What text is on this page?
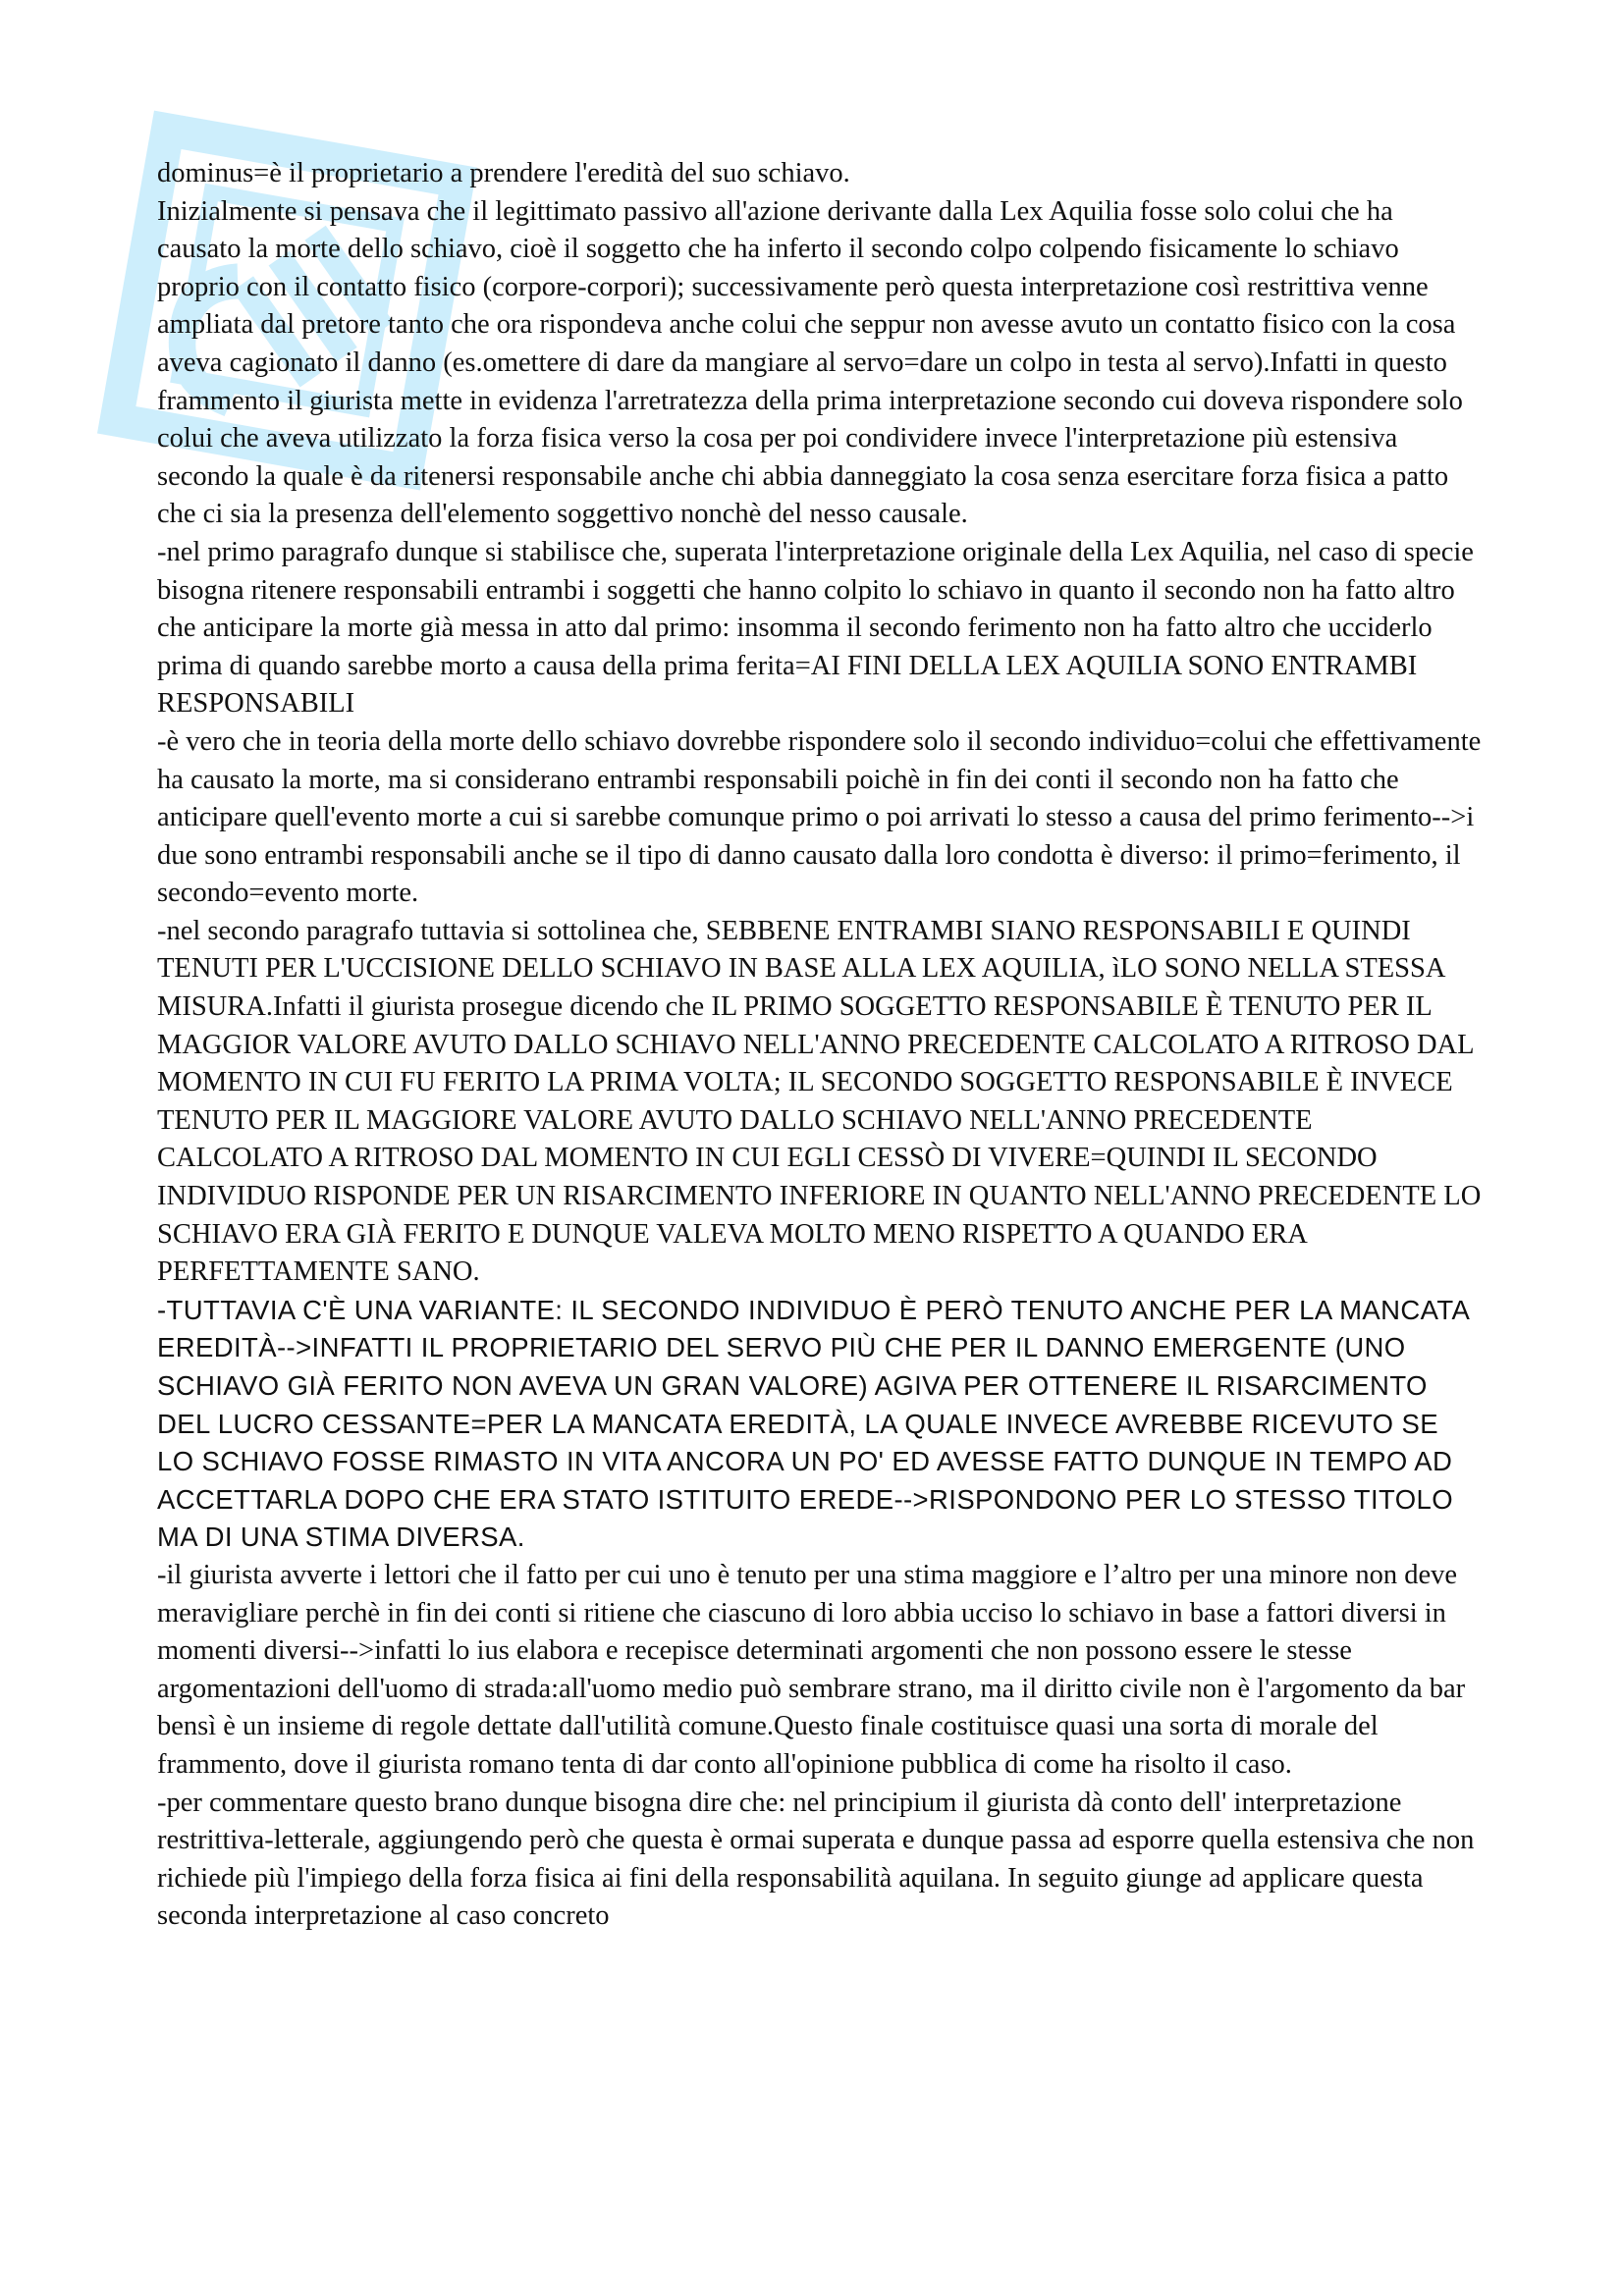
dominus=è il proprietario a prendere l'eredità del suo schiavo.

Inizialmente si pensava che il legittimato passivo all'azione derivante dalla Lex Aquilia fosse solo colui che ha causato la morte dello schiavo, cioè il soggetto che ha inferto il secondo colpo colpendo fisicamente lo schiavo proprio con il contatto fisico (corpore-corpori); successivamente però questa interpretazione così restrittiva venne ampliata dal pretore tanto che ora rispondeva anche colui che seppur non avesse avuto un contatto fisico con la cosa aveva cagionato il danno (es.omettere di dare da mangiare al servo=dare un colpo in testa al servo).Infatti in questo frammento il giurista mette in evidenza l'arretratezza della prima interpretazione secondo cui doveva rispondere solo colui che aveva utilizzato la forza fisica verso la cosa per poi condividere invece l'interpretazione più estensiva secondo la quale è da ritenersi responsabile anche chi abbia danneggiato la cosa senza esercitare forza fisica a patto che ci sia la presenza dell'elemento soggettivo nonchè del nesso causale.

-nel primo paragrafo dunque si stabilisce che, superata l'interpretazione originale della Lex Aquilia, nel caso di specie bisogna ritenere responsabili entrambi i soggetti che hanno colpito lo schiavo in quanto il secondo non ha fatto altro che anticipare la morte già messa in atto dal primo: insomma il secondo ferimento non ha fatto altro che ucciderlo prima di quando sarebbe morto a causa della prima ferita=AI FINI DELLA LEX AQUILIA SONO ENTRAMBI RESPONSABILI

-è vero che in teoria della morte dello schiavo dovrebbe rispondere solo il secondo individuo=colui che effettivamente ha causato la morte, ma si considerano entrambi responsabili poichè in fin dei conti il secondo non ha fatto che anticipare quell'evento morte a cui si sarebbe comunque primo o poi arrivati lo stesso a causa del primo ferimento-->i due sono entrambi responsabili anche se il tipo di danno causato dalla loro condotta è diverso: il primo=ferimento, il secondo=evento morte.

-nel secondo paragrafo tuttavia si sottolinea che, SEBBENE ENTRAMBI SIANO RESPONSABILI E QUINDI TENUTI PER L'UCCISIONE DELLO SCHIAVO IN BASE ALLA LEX AQUILIA, ìLO SONO NELLA STESSA MISURA.Infatti il giurista prosegue dicendo che IL PRIMO SOGGETTO RESPONSABILE È TENUTO PER IL MAGGIOR VALORE AVUTO DALLO SCHIAVO NELL'ANNO PRECEDENTE CALCOLATO A RITROSO DAL MOMENTO IN CUI FU FERITO LA PRIMA VOLTA; IL SECONDO SOGGETTO RESPONSABILE È INVECE TENUTO PER IL MAGGIORE VALORE AVUTO DALLO SCHIAVO NELL'ANNO PRECEDENTE CALCOLATO A RITROSO DAL MOMENTO IN CUI EGLI CESSÒ DI VIVERE=QUINDI IL SECONDO INDIVIDUO RISPONDE PER UN RISARCIMENTO INFERIORE IN QUANTO NELL'ANNO PRECEDENTE LO SCHIAVO ERA GIÀ FERITO E DUNQUE VALEVA MOLTO MENO RISPETTO A QUANDO ERA PERFETTAMENTE SANO.

-TUTTAVIA C'È UNA VARIANTE: IL SECONDO INDIVIDUO È PERÒ TENUTO ANCHE PER LA MANCATA EREDITÀ-->INFATTI IL PROPRIETARIO DEL SERVO PIÙ CHE PER IL DANNO EMERGENTE (UNO SCHIAVO GIÀ FERITO NON AVEVA UN GRAN VALORE) AGIVA PER OTTENERE IL RISARCIMENTO DEL LUCRO CESSANTE=PER LA MANCATA EREDITÀ, LA QUALE INVECE AVREBBE RICEVUTO SE LO SCHIAVO FOSSE RIMASTO IN VITA ANCORA UN PO' ED AVESSE FATTO DUNQUE IN TEMPO AD ACCETTARLA DOPO CHE ERA STATO ISTITUITO EREDE-->RISPONDONO PER LO STESSO TITOLO MA DI UNA STIMA DIVERSA.

-il giurista avverte i lettori che il fatto per cui uno è tenuto per una stima maggiore e l’altro per una minore non deve meravigliare perchè in fin dei conti si ritiene che ciascuno di loro abbia ucciso lo schiavo in base a fattori diversi in momenti diversi-->infatti lo ius elabora e recepisce determinati argomenti che non possono essere le stesse argomentazioni dell'uomo di strada:all'uomo medio può sembrare strano, ma il diritto civile non è l'argomento da bar bensì è un insieme di regole dettate dall'utilità comune.Questo finale costituisce quasi una sorta di morale del frammento, dove il giurista romano tenta di dar conto all'opinione pubblica di come ha risolto il caso.

-per commentare questo brano dunque bisogna dire che: nel principium il giurista dà conto dell' interpretazione restrittiva-letterale, aggiungendo però che questa è ormai superata e dunque passa ad esporre quella estensiva che non richiede più l'impiego della forza fisica ai fini della responsabilità aquilana. In seguito giunge ad applicare questa seconda interpretazione al caso concreto
